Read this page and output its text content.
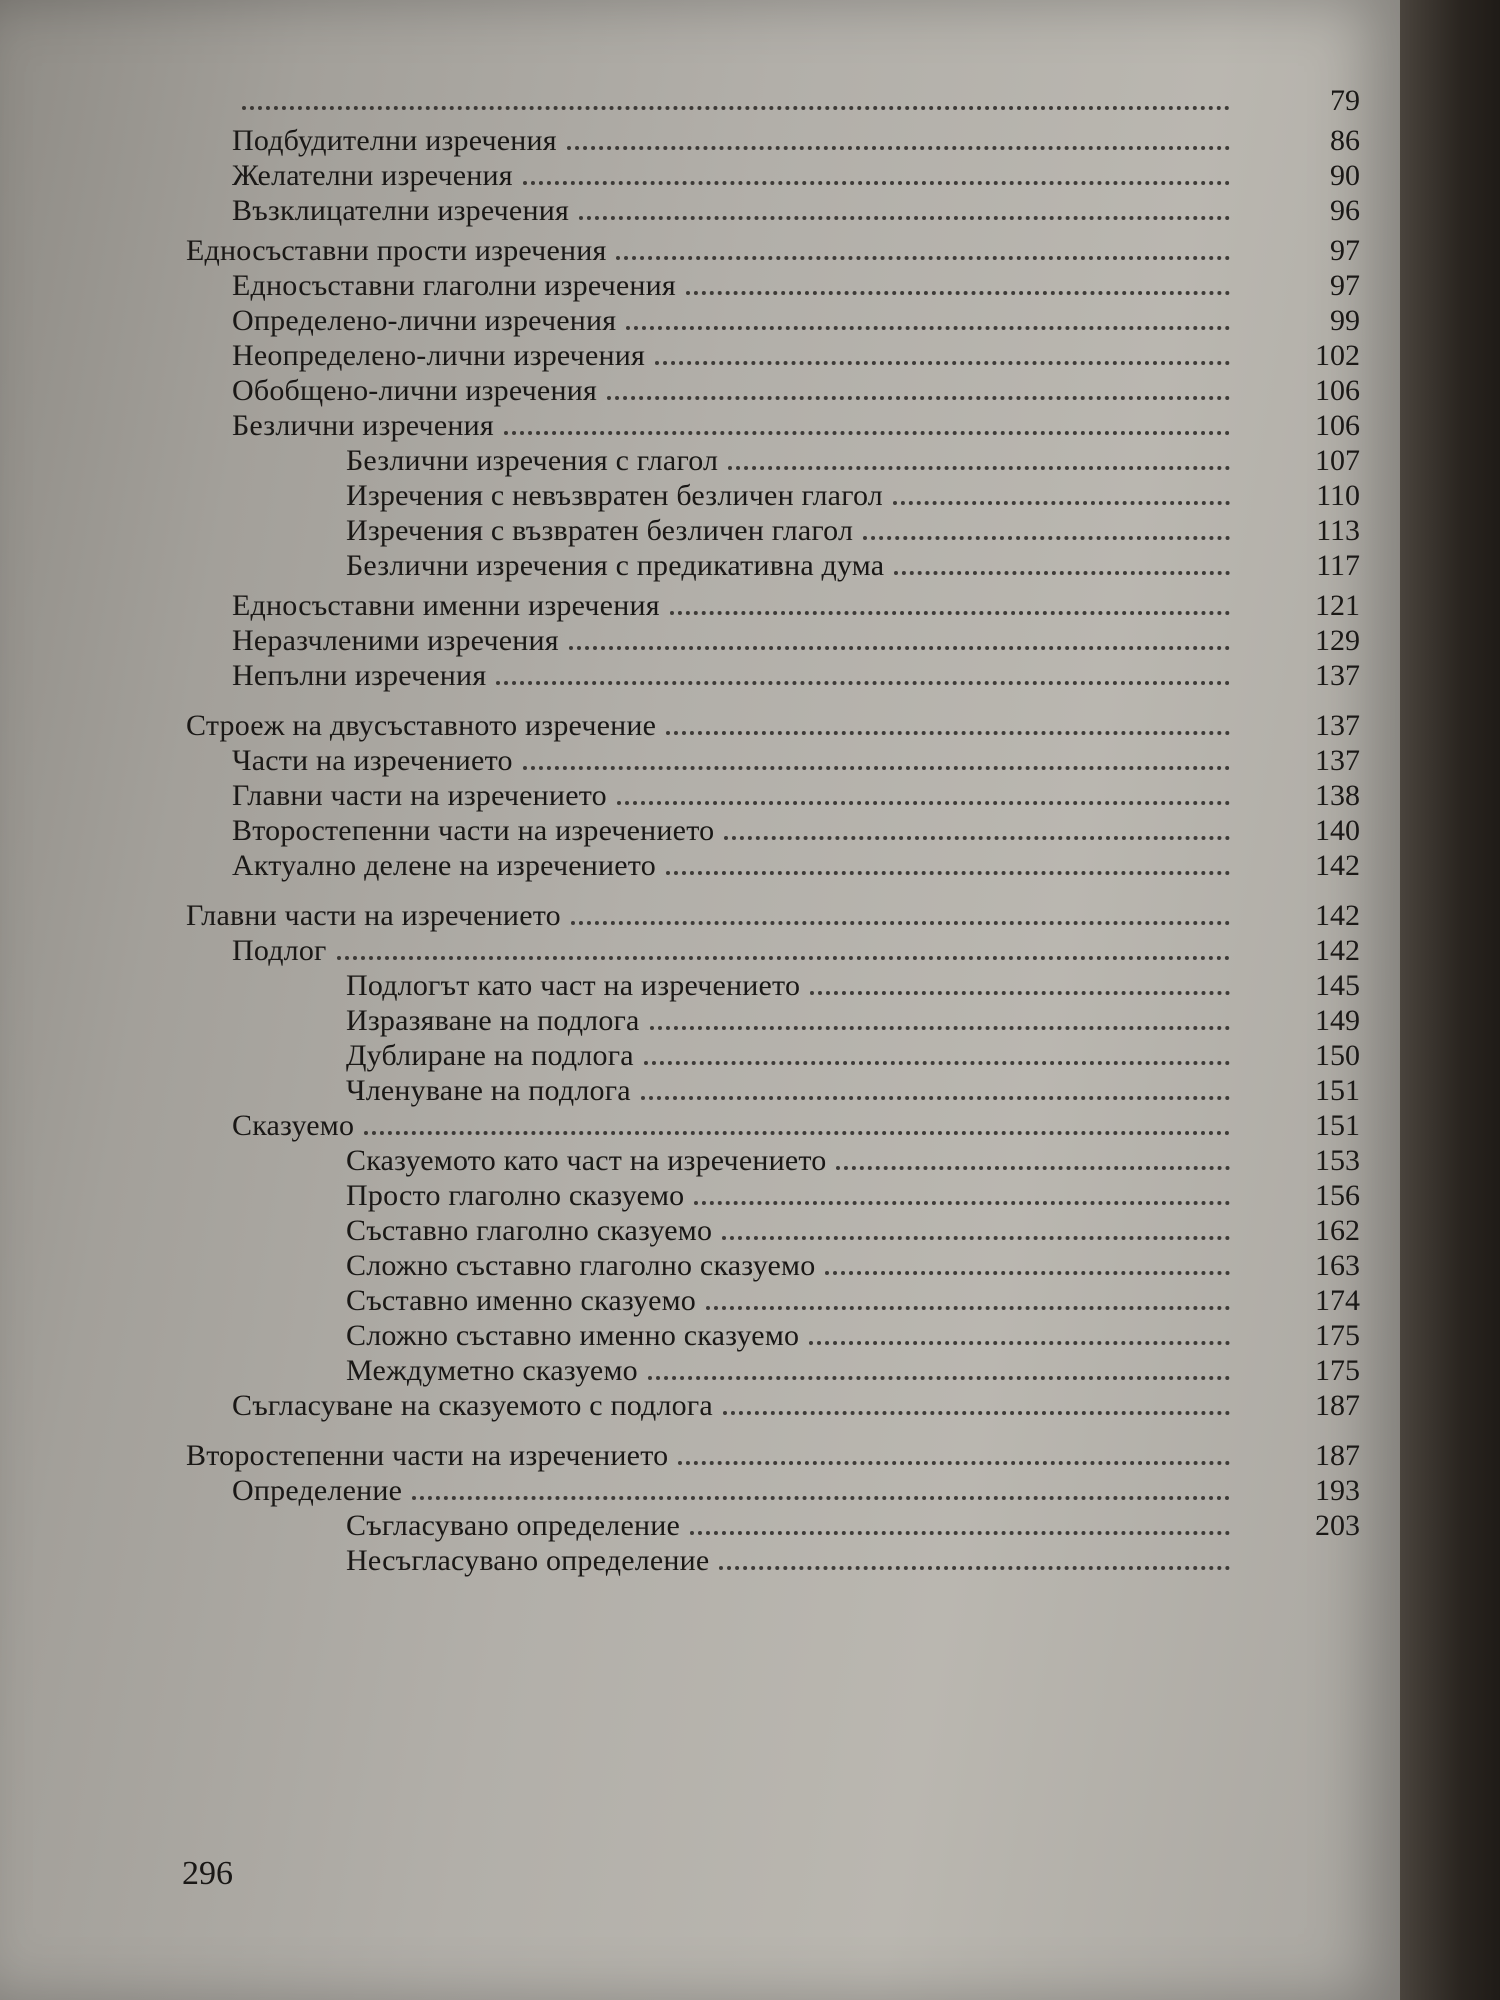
79
Подбудителни изречения	86
Желателни изречения	90
Възклицателни изречения	96
Едносъставни прости изречения	97
Едносъставни глаголни изречения	97
Определено-лични изречения	99
Неопределено-лични изречения	102
Обобщено-лични изречения	106
Безлични изречения	106
Безлични изречения с глагол	107
Изречения с невъзвратен безличен глагол	110
Изречения с възвратен безличен глагол	113
Безлични изречения с предикативна дума	117
Едносъставни именни изречения	121
Неразчленими изречения	129
Непълни изречения	137
Строеж на двусъставното изречение	137
Части на изречението	137
Главни части на изречението	138
Второстепенни части на изречението	140
Актуално делене на изречението	142
Главни части на изречението	142
Подлог	142
Подлогът като част на изречението	145
Изразяване на подлога	149
Дублиране на подлога	150
Членуване на подлога	151
Сказуемо	151
Сказуемото като част на изречението	153
Просто глаголно сказуемо	156
Съставно глаголно сказуемо	162
Сложно съставно глаголно сказуемо	163
Съставно именно сказуемо	174
Сложно съставно именно сказуемо	175
Междуметно сказуемо	175
Съгласуване на сказуемото с подлога	187
Второстепенни части на изречението	187
Определение	193
Съгласувано определение	203
Несъгласувано определение
296
